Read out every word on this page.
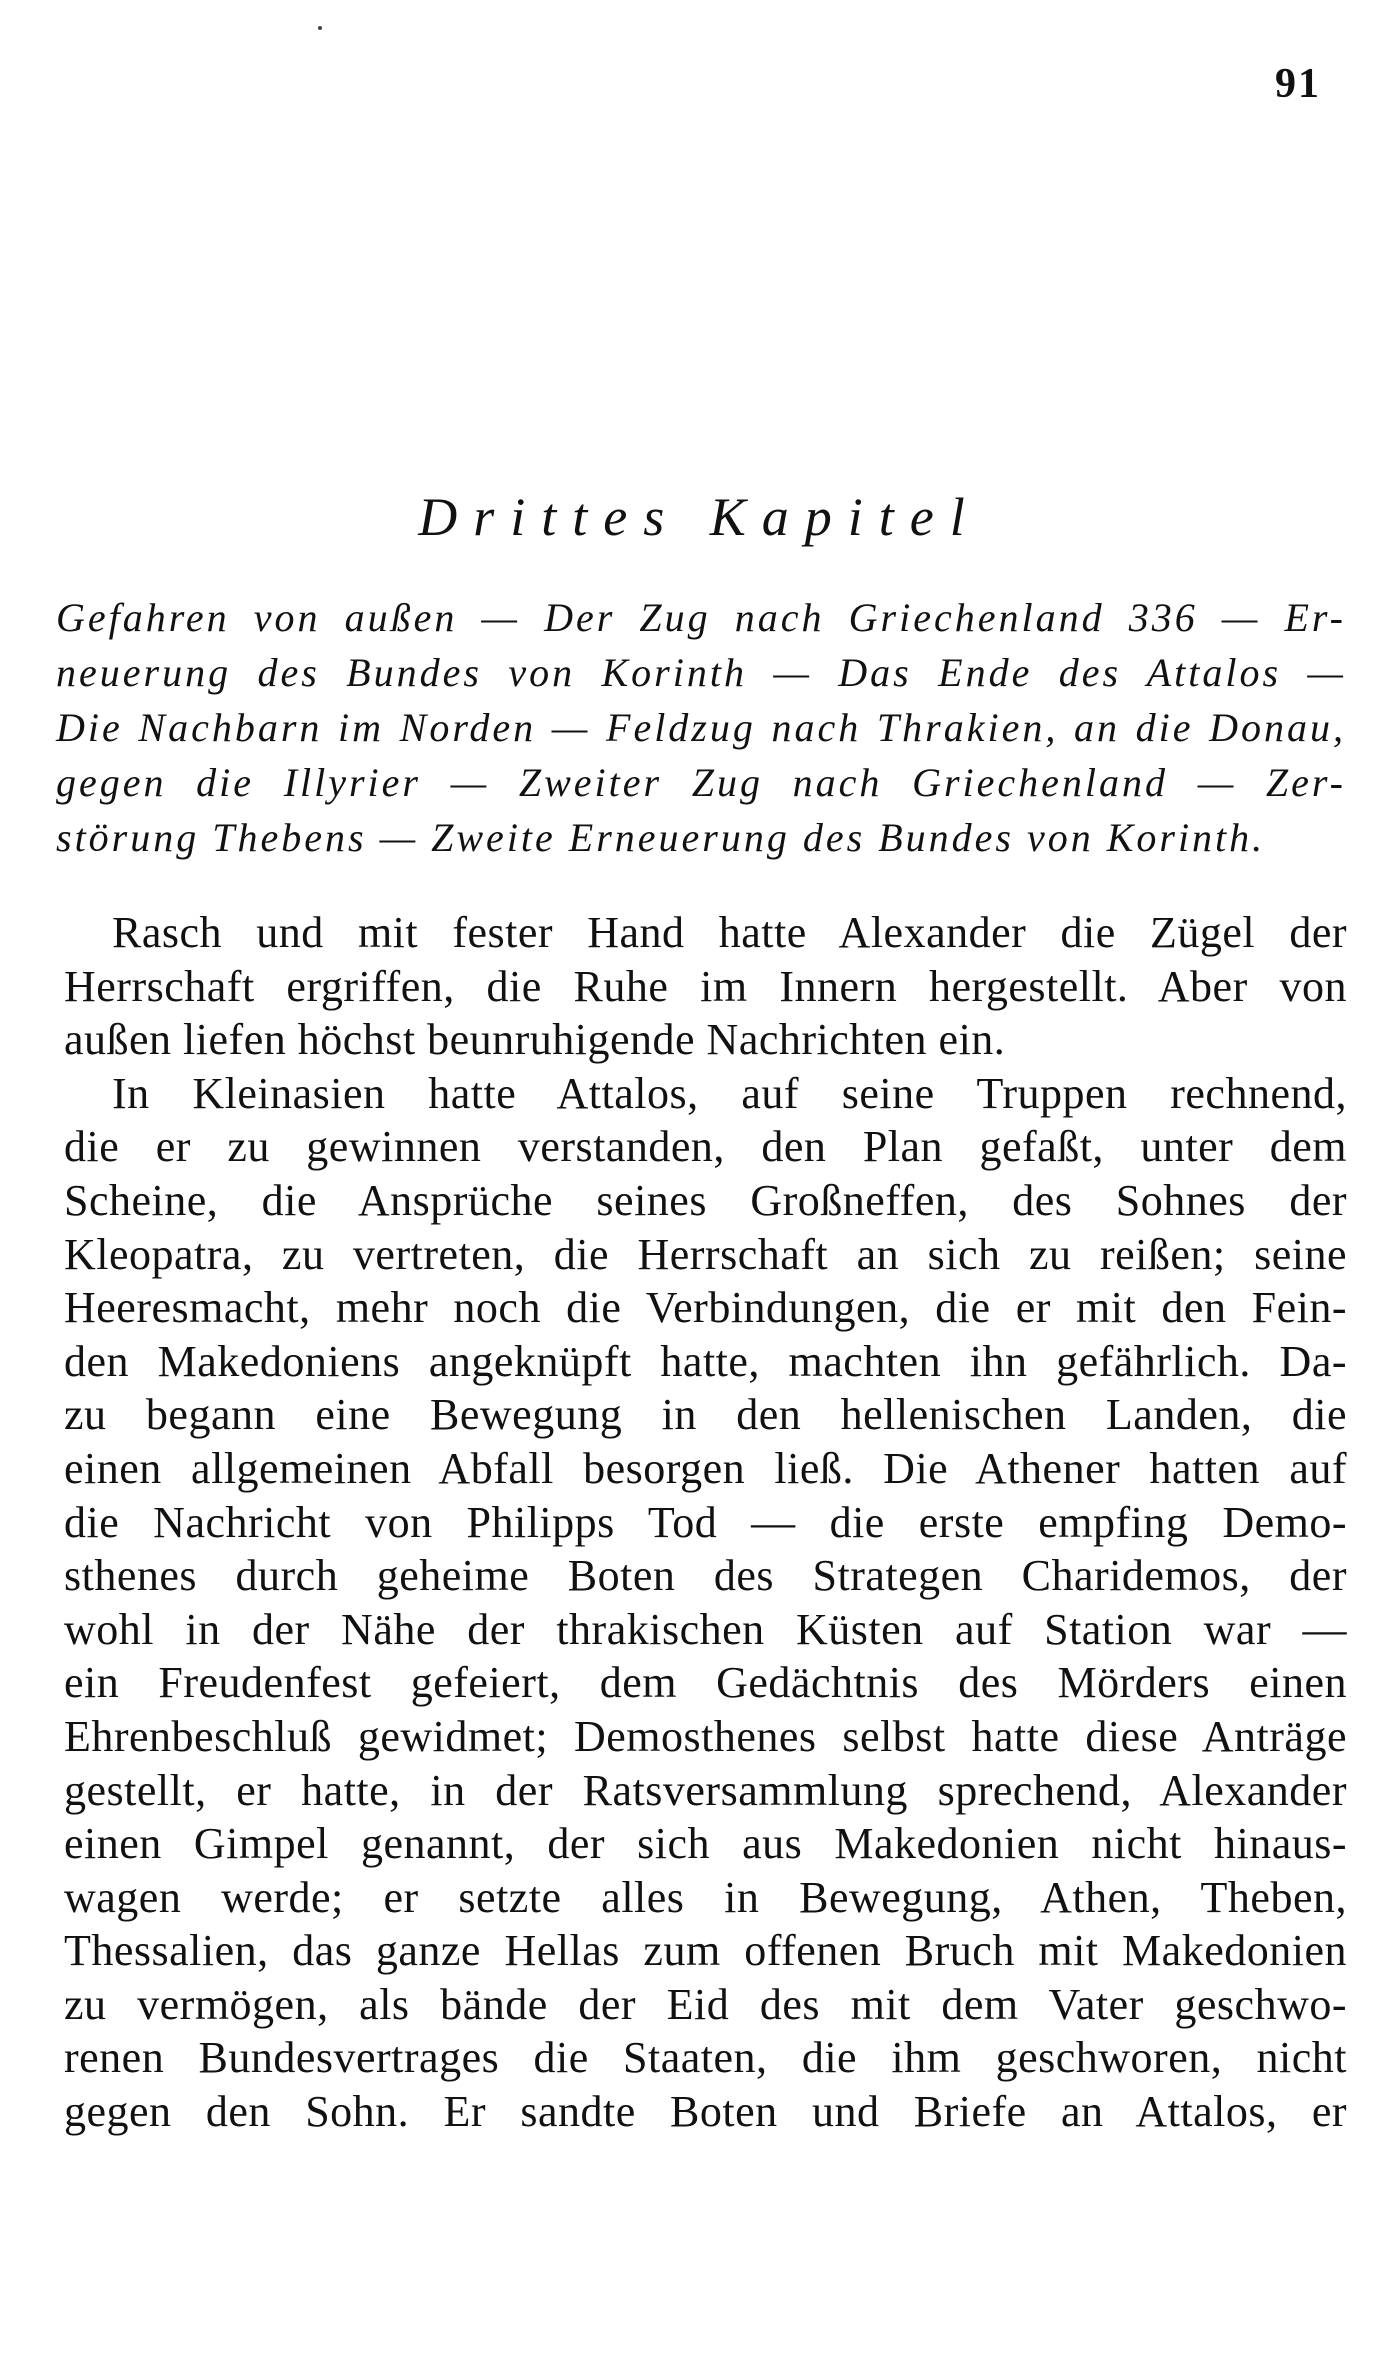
91
Drittes Kapitel
Gefahren von außen — Der Zug nach Griechenland 336 — Er-
neuerung des Bundes von Korinth — Das Ende des Attalos —
Die Nachbarn im Norden — Feldzug nach Thrakien, an die Donau,
gegen die Illyrier — Zweiter Zug nach Griechenland — Zer-
störung Thebens — Zweite Erneuerung des Bundes von Korinth.
Rasch und mit fester Hand hatte Alexander die Zügel der
Herrschaft ergriffen, die Ruhe im Innern hergestellt. Aber von
außen liefen höchst beunruhigende Nachrichten ein.
In Kleinasien hatte Attalos, auf seine Truppen rechnend,
die er zu gewinnen verstanden, den Plan gefaßt, unter dem
Scheine, die Ansprüche seines Großneffen, des Sohnes der
Kleopatra, zu vertreten, die Herrschaft an sich zu reißen; seine
Heeresmacht, mehr noch die Verbindungen, die er mit den Fein-
den Makedoniens angeknüpft hatte, machten ihn gefährlich. Da-
zu begann eine Bewegung in den hellenischen Landen, die
einen allgemeinen Abfall besorgen ließ. Die Athener hatten auf
die Nachricht von Philipps Tod — die erste empfing Demo-
sthenes durch geheime Boten des Strategen Charidemos, der
wohl in der Nähe der thrakischen Küsten auf Station war —
ein Freudenfest gefeiert, dem Gedächtnis des Mörders einen
Ehrenbeschluß gewidmet; Demosthenes selbst hatte diese Anträge
gestellt, er hatte, in der Ratsversammlung sprechend, Alexander
einen Gimpel genannt, der sich aus Makedonien nicht hinaus-
wagen werde; er setzte alles in Bewegung, Athen, Theben,
Thessalien, das ganze Hellas zum offenen Bruch mit Makedonien
zu vermögen, als bände der Eid des mit dem Vater geschwo-
renen Bundesvertrages die Staaten, die ihm geschworen, nicht
gegen den Sohn. Er sandte Boten und Briefe an Attalos, er
